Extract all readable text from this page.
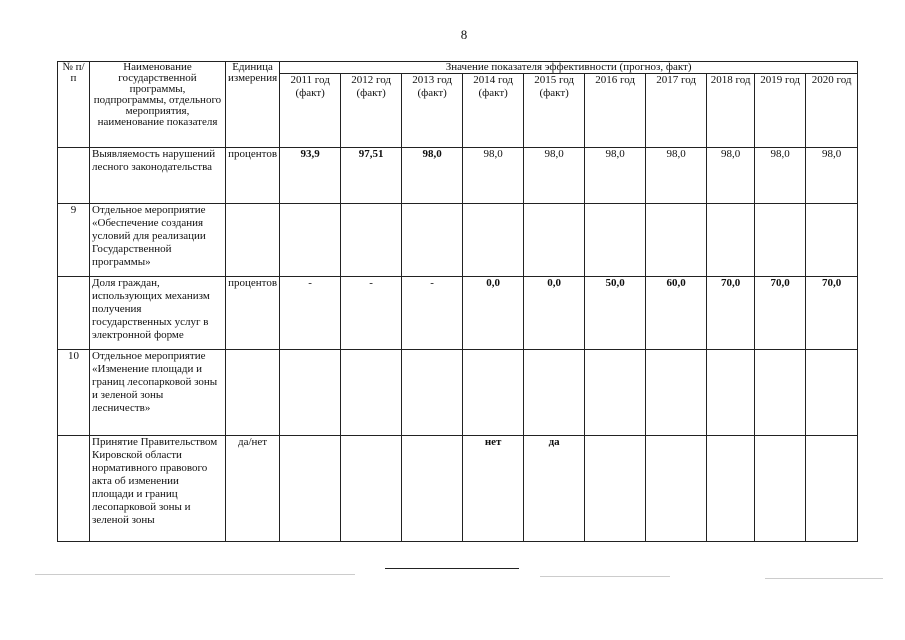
8
№ п/п	Наименование государственной программы, подпрограммы, отдельного мероприятия, наименование показателя	Единица измерения	Значение показателя эффективности (прогноз, факт)									
			2011 год (факт)	2012 год (факт)	2013 год (факт)	2014 год (факт)	2015 год (факт)	2016 год	2017 год	2018 год	2019 год	2020 год
	Выявляемость нарушений лесного законодательства	процентов	93,9	97,51	98,0	98,0	98,0	98,0	98,0	98,0	98,0	98,0
9	Отдельное мероприятие «Обеспечение создания условий для реализации Государственной программы»											
	Доля граждан, использующих механизм получения государственных услуг в электронной форме	процентов	-	-	-	0,0	0,0	50,0	60,0	70,0	70,0	70,0
10	Отдельное мероприятие «Изменение площади и границ лесопарковой зоны и зеленой зоны лесничеств»											
	Принятие Правительством Кировской области нормативного правового акта об изменении площади и границ лесопарковой зоны и зеленой зоны	да/нет				нет	да					
